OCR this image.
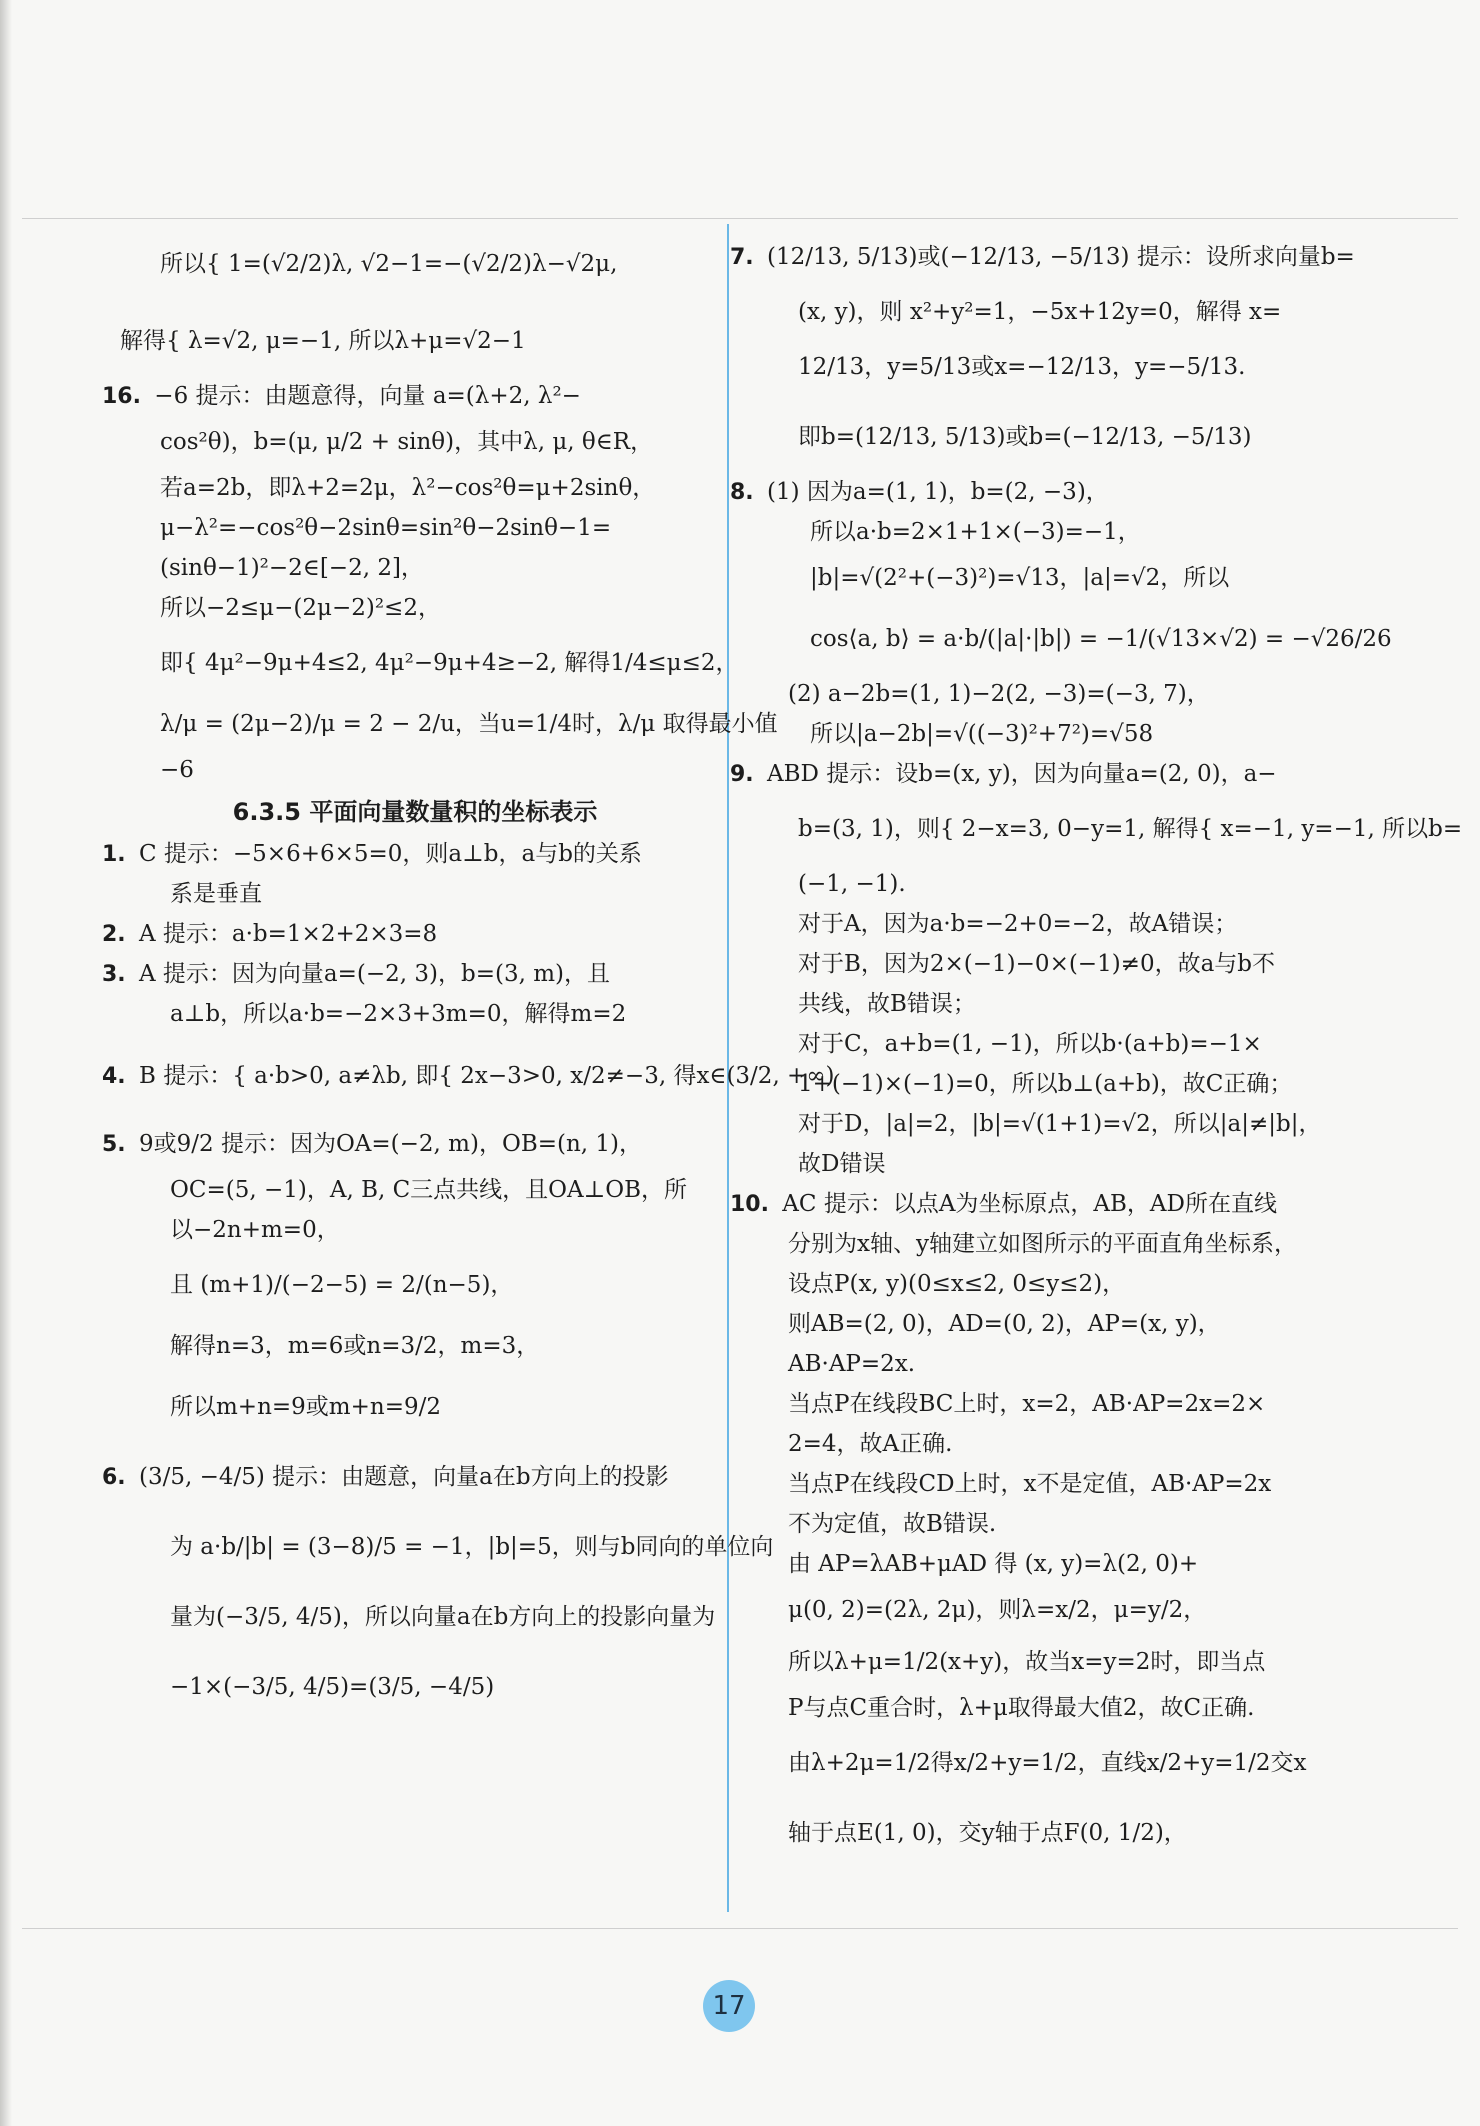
所以{ 1=(√2/2)λ, √2−1=−(√2/2)λ−√2μ,
解得{ λ=√2, μ=−1, 所以λ+μ=√2−1
16. −6 提示：由题意得，向量 a=(λ+2, λ²−
cos²θ)，b=(μ, μ/2 + sinθ)，其中λ, μ, θ∈R，
若a=2b，即λ+2=2μ，λ²−cos²θ=μ+2sinθ，
μ−λ²=−cos²θ−2sinθ=sin²θ−2sinθ−1=
(sinθ−1)²−2∈[−2, 2]，
所以−2≤μ−(2μ−2)²≤2，
即{ 4μ²−9μ+4≤2, 4μ²−9μ+4≥−2, 解得1/4≤μ≤2，
λ/μ = (2μ−2)/μ = 2 − 2/u，当u=1/4时，λ/μ 取得最小值
−6
6.3.5 平面向量数量积的坐标表示
1. C 提示：−5×6+6×5=0，则a⊥b，a与b的关系
系是垂直
2. A 提示：a·b=1×2+2×3=8
3. A 提示：因为向量a=(−2, 3)，b=(3, m)，且
a⊥b，所以a·b=−2×3+3m=0，解得m=2
4. B 提示：{ a·b>0, a≠λb, 即{ 2x−3>0, x/2≠−3, 得x∈(3/2, +∞)
5. 9或9/2 提示：因为OA=(−2, m)，OB=(n, 1)，
OC=(5, −1)，A, B, C三点共线，且OA⊥OB，所
以−2n+m=0，
且 (m+1)/(−2−5) = 2/(n−5)，
解得n=3，m=6或n=3/2，m=3，
所以m+n=9或m+n=9/2
6. (3/5, −4/5) 提示：由题意，向量a在b方向上的投影
为 a·b/|b| = (3−8)/5 = −1，|b|=5，则与b同向的单位向
量为(−3/5, 4/5)，所以向量a在b方向上的投影向量为
−1×(−3/5, 4/5)=(3/5, −4/5)
7. (12/13, 5/13)或(−12/13, −5/13) 提示：设所求向量b=
(x, y)，则 x²+y²=1，−5x+12y=0，解得 x=
12/13，y=5/13或x=−12/13，y=−5/13.
即b=(12/13, 5/13)或b=(−12/13, −5/13)
8. (1) 因为a=(1, 1)，b=(2, −3)，
所以a·b=2×1+1×(−3)=−1，
|b|=√(2²+(−3)²)=√13，|a|=√2，所以
cos⟨a, b⟩ = a·b/(|a|·|b|) = −1/(√13×√2) = −√26/26
(2) a−2b=(1, 1)−2(2, −3)=(−3, 7)，
所以|a−2b|=√((−3)²+7²)=√58
9. ABD 提示：设b=(x, y)，因为向量a=(2, 0)，a−
b=(3, 1)，则{ 2−x=3, 0−y=1, 解得{ x=−1, y=−1, 所以b=
(−1, −1).
对于A，因为a·b=−2+0=−2，故A错误；
对于B，因为2×(−1)−0×(−1)≠0，故a与b不
共线，故B错误；
对于C，a+b=(1, −1)，所以b·(a+b)=−1×
1+(−1)×(−1)=0，所以b⊥(a+b)，故C正确；
对于D，|a|=2，|b|=√(1+1)=√2，所以|a|≠|b|，
故D错误
10. AC 提示：以点A为坐标原点，AB，AD所在直线
分别为x轴、y轴建立如图所示的平面直角坐标系，
设点P(x, y)(0≤x≤2, 0≤y≤2)，
则AB=(2, 0)，AD=(0, 2)，AP=(x, y)，
AB·AP=2x.
当点P在线段BC上时，x=2，AB·AP=2x=2×
2=4，故A正确.
当点P在线段CD上时，x不是定值，AB·AP=2x
不为定值，故B错误.
由 AP=λAB+μAD 得 (x, y)=λ(2, 0)+
μ(0, 2)=(2λ, 2μ)，则λ=x/2，μ=y/2，
所以λ+μ=1/2(x+y)，故当x=y=2时，即当点
P与点C重合时，λ+μ取得最大值2，故C正确.
由λ+2μ=1/2得x/2+y=1/2，直线x/2+y=1/2交x
轴于点E(1, 0)，交y轴于点F(0, 1/2)，
17
